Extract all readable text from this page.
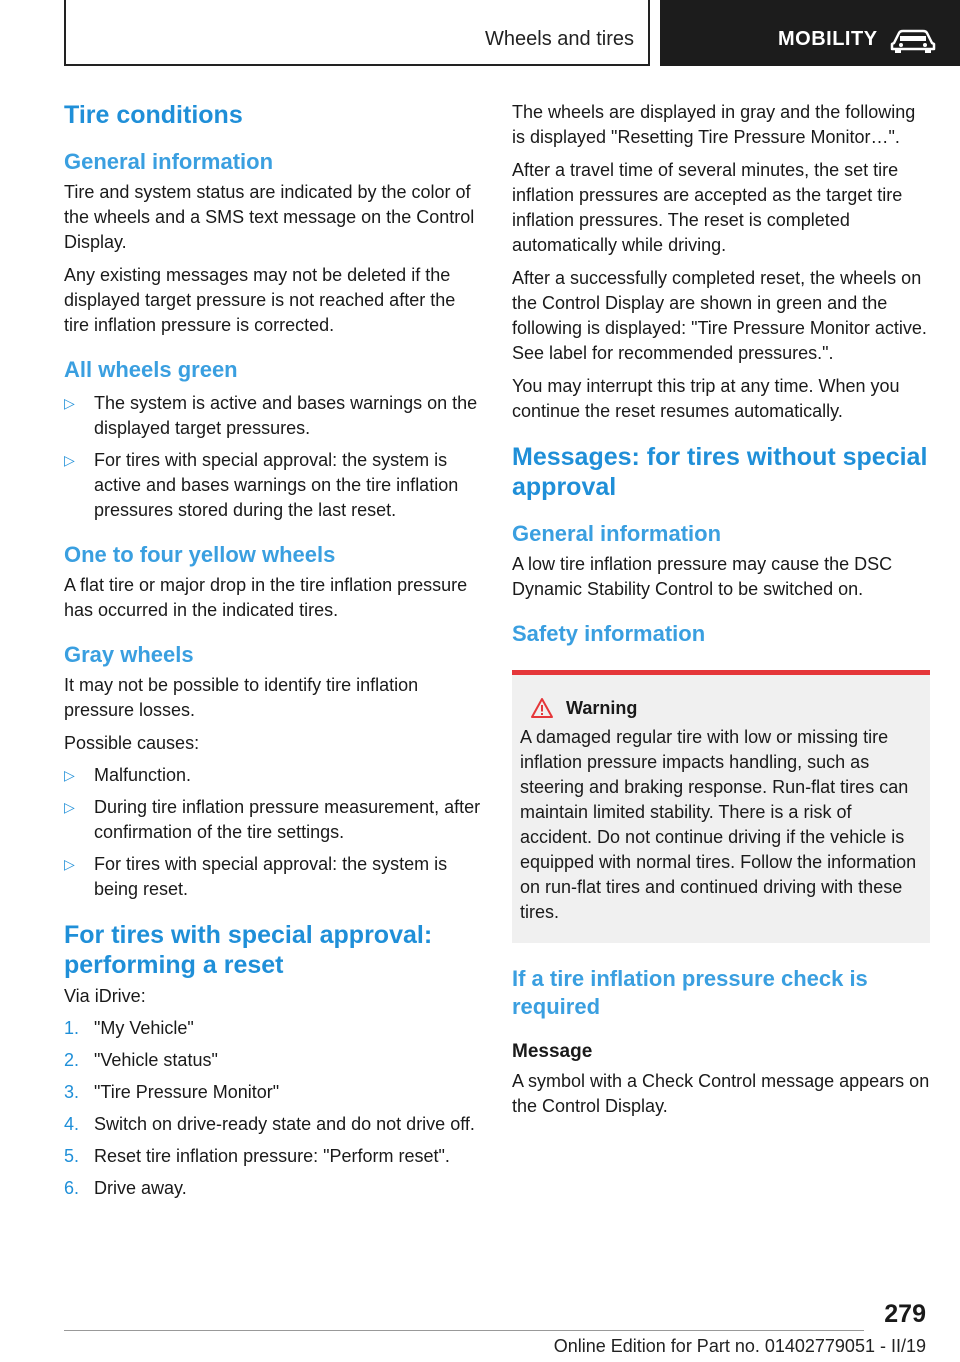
Wheels and tires	MOBILITY
Tire conditions
General information

Tire and system status are indicated by the color of the wheels and a SMS text message on the Control Display.

Any existing messages may not be deleted if the displayed target pressure is not reached after the tire inflation pressure is corrected.

All wheels green
▷ The system is active and bases warnings on the displayed target pressures.
▷ For tires with special approval: the system is active and bases warnings on the tire inflation pressures stored during the last reset.
One to four yellow wheels

A flat tire or major drop in the tire inflation pressure has occurred in the indicated tires.

Gray wheels

It may not be possible to identify tire inflation pressure losses.

Possible causes:

▷ Malfunction.
▷ During tire inflation pressure measurement, after confirmation of the tire settings.
▷ For tires with special approval: the system is being reset.
For tires with special approval: performing a reset

Via iDrive:

1. "My Vehicle"
2. "Vehicle status"
3. "Tire Pressure Monitor"
4. Switch on drive-ready state and do not drive off.
5. Reset tire inflation pressure: "Perform reset".
6. Drive away.

The wheels are displayed in gray and the following is displayed "Resetting Tire Pressure Monitor…".

After a travel time of several minutes, the set tire inflation pressures are accepted as the target tire inflation pressures. The reset is completed automatically while driving.

After a successfully completed reset, the wheels on the Control Display are shown in green and the following is displayed: "Tire Pressure Monitor active. See label for recommended pressures.".

You may interrupt this trip at any time. When you continue the reset resumes automatically.

Messages: for tires without special approval
General information

A low tire inflation pressure may cause the DSC Dynamic Stability Control to be switched on.

Safety information
Warning

A damaged regular tire with low or missing tire inflation pressure impacts handling, such as steering and braking response. Run-flat tires can maintain limited stability. There is a risk of accident. Do not continue driving if the vehicle is equipped with normal tires. Follow the information on run-flat tires and continued driving with these tires.

If a tire inflation pressure check is required
Message

A symbol with a Check Control message appears on the Control Display.

279
Online Edition for Part no. 01402779051 - II/19
